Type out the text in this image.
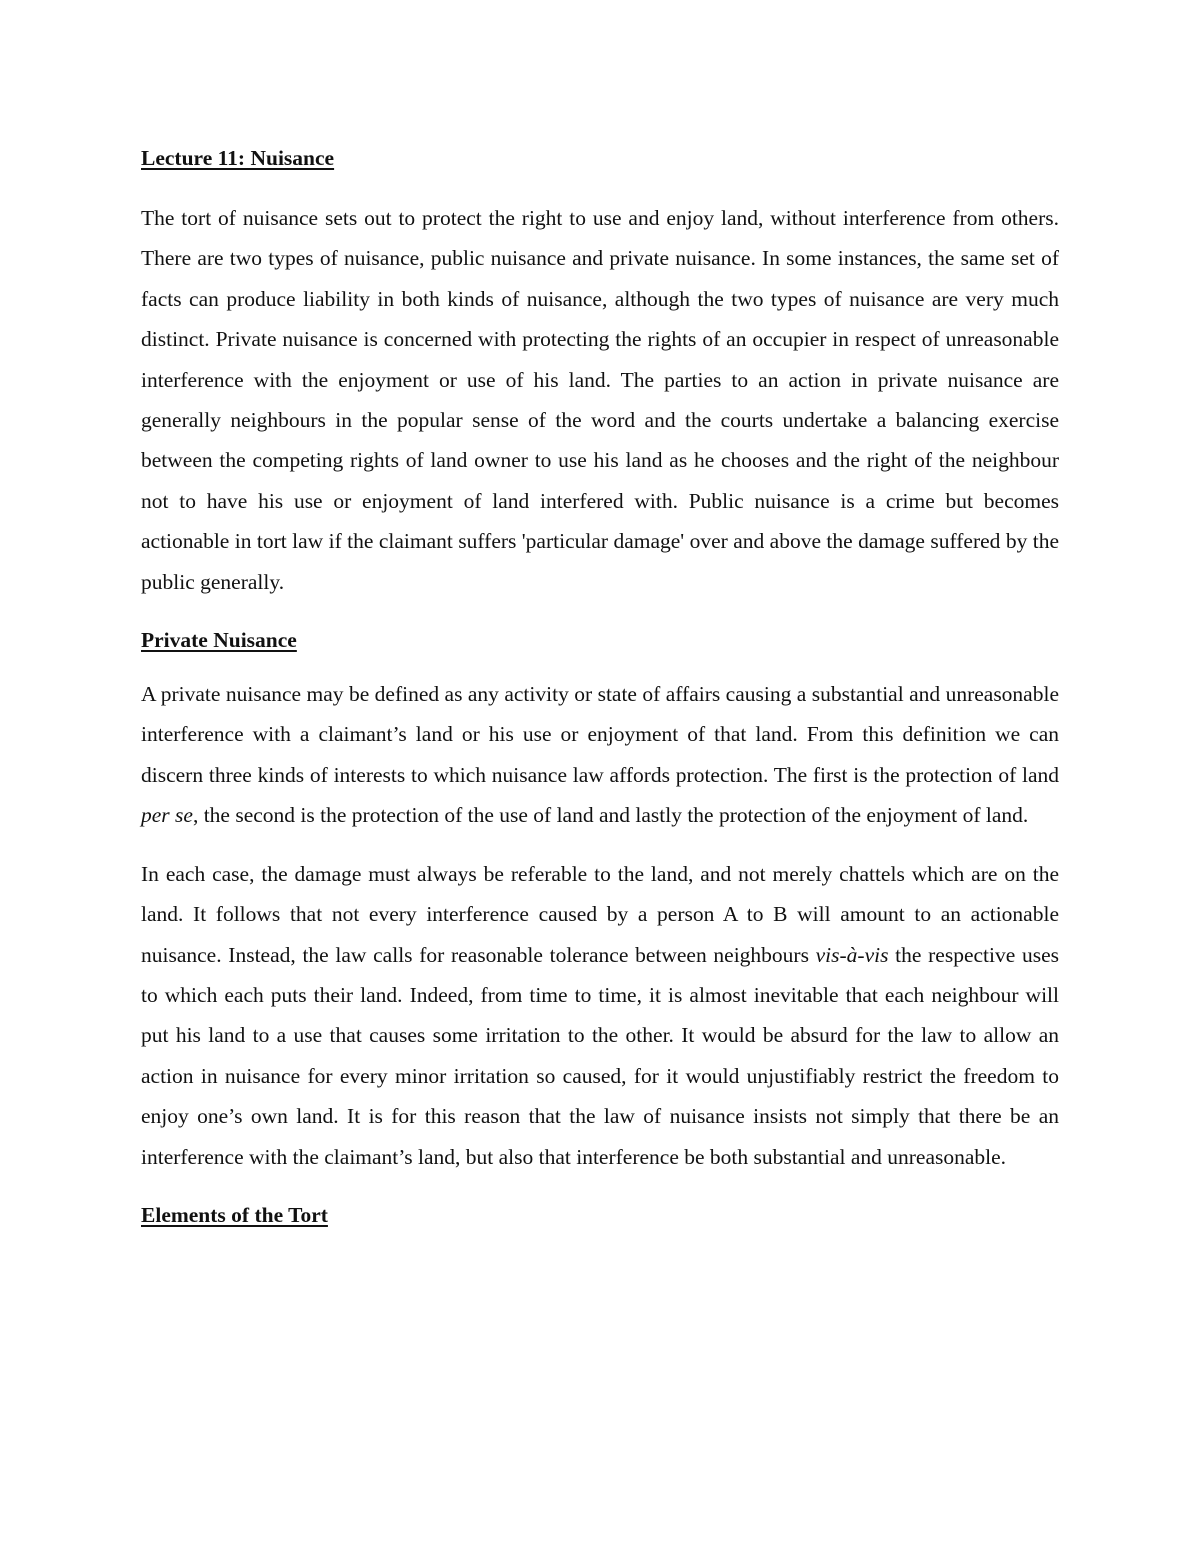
Lecture 11: Nuisance

The tort of nuisance sets out to protect the right to use and enjoy land, without interference from others. There are two types of nuisance, public nuisance and private nuisance. In some instances, the same set of facts can produce liability in both kinds of nuisance, although the two types of nuisance are very much distinct. Private nuisance is concerned with protecting the rights of an occupier in respect of unreasonable interference with the enjoyment or use of his land. The parties to an action in private nuisance are generally neighbours in the popular sense of the word and the courts undertake a balancing exercise between the competing rights of land owner to use his land as he chooses and the right of the neighbour not to have his use or enjoyment of land interfered with. Public nuisance is a crime but becomes actionable in tort law if the claimant suffers 'particular damage' over and above the damage suffered by the public generally.

Private Nuisance

A private nuisance may be defined as any activity or state of affairs causing a substantial and unreasonable interference with a claimant’s land or his use or enjoyment of that land. From this definition we can discern three kinds of interests to which nuisance law affords protection. The first is the protection of land per se, the second is the protection of the use of land and lastly the protection of the enjoyment of land.

In each case, the damage must always be referable to the land, and not merely chattels which are on the land. It follows that not every interference caused by a person A to B will amount to an actionable nuisance. Instead, the law calls for reasonable tolerance between neighbours vis-à-vis the respective uses to which each puts their land. Indeed, from time to time, it is almost inevitable that each neighbour will put his land to a use that causes some irritation to the other. It would be absurd for the law to allow an action in nuisance for every minor irritation so caused, for it would unjustifiably restrict the freedom to enjoy one’s own land. It is for this reason that the law of nuisance insists not simply that there be an interference with the claimant’s land, but also that interference be both substantial and unreasonable.

Elements of the Tort
